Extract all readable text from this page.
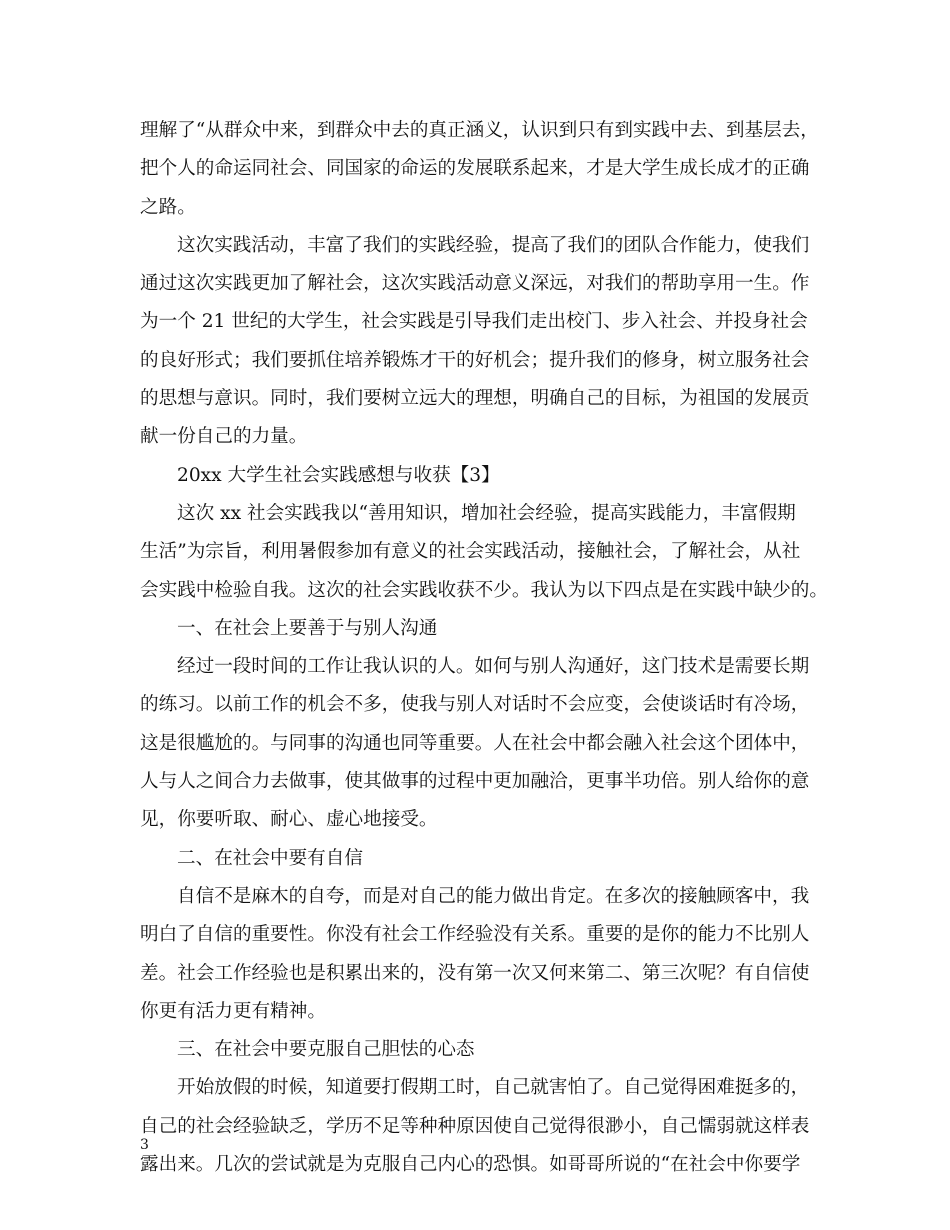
理解了“从群众中来，到群众中去的真正涵义，认识到只有到实践中去、到基层去，
把个人的命运同社会、同国家的命运的发展联系起来，才是大学生成长成才的正确
之路。
这次实践活动，丰富了我们的实践经验，提高了我们的团队合作能力，使我们
通过这次实践更加了解社会，这次实践活动意义深远，对我们的帮助享用一生。作
为一个 21 世纪的大学生，社会实践是引导我们走出校门、步入社会、并投身社会
的良好形式；我们要抓住培养锻炼才干的好机会；提升我们的修身，树立服务社会
的思想与意识。同时，我们要树立远大的理想，明确自己的目标，为祖国的发展贡
献一份自己的力量。
20xx 大学生社会实践感想与收获【3】
这次 xx 社会实践我以“善用知识，增加社会经验，提高实践能力，丰富假期
生活”为宗旨，利用暑假参加有意义的社会实践活动，接触社会，了解社会，从社
会实践中检验自我。这次的社会实践收获不少。我认为以下四点是在实践中缺少的。
一、在社会上要善于与别人沟通
经过一段时间的工作让我认识的人。如何与别人沟通好，这门技术是需要长期
的练习。以前工作的机会不多，使我与别人对话时不会应变，会使谈话时有冷场，
这是很尴尬的。与同事的沟通也同等重要。人在社会中都会融入社会这个团体中，
人与人之间合力去做事，使其做事的过程中更加融洽，更事半功倍。别人给你的意
见，你要听取、耐心、虚心地接受。
二、在社会中要有自信
自信不是麻木的自夸，而是对自己的能力做出肯定。在多次的接触顾客中，我
明白了自信的重要性。你没有社会工作经验没有关系。重要的是你的能力不比别人
差。社会工作经验也是积累出来的，没有第一次又何来第二、第三次呢？有自信使
你更有活力更有精神。
三、在社会中要克服自己胆怯的心态
开始放假的时候，知道要打假期工时，自己就害怕了。自己觉得困难挺多的，
自己的社会经验缺乏，学历不足等种种原因使自己觉得很渺小，自己懦弱就这样表
露出来。几次的尝试就是为克服自己内心的恐惧。如哥哥所说的“在社会中你要学
3
